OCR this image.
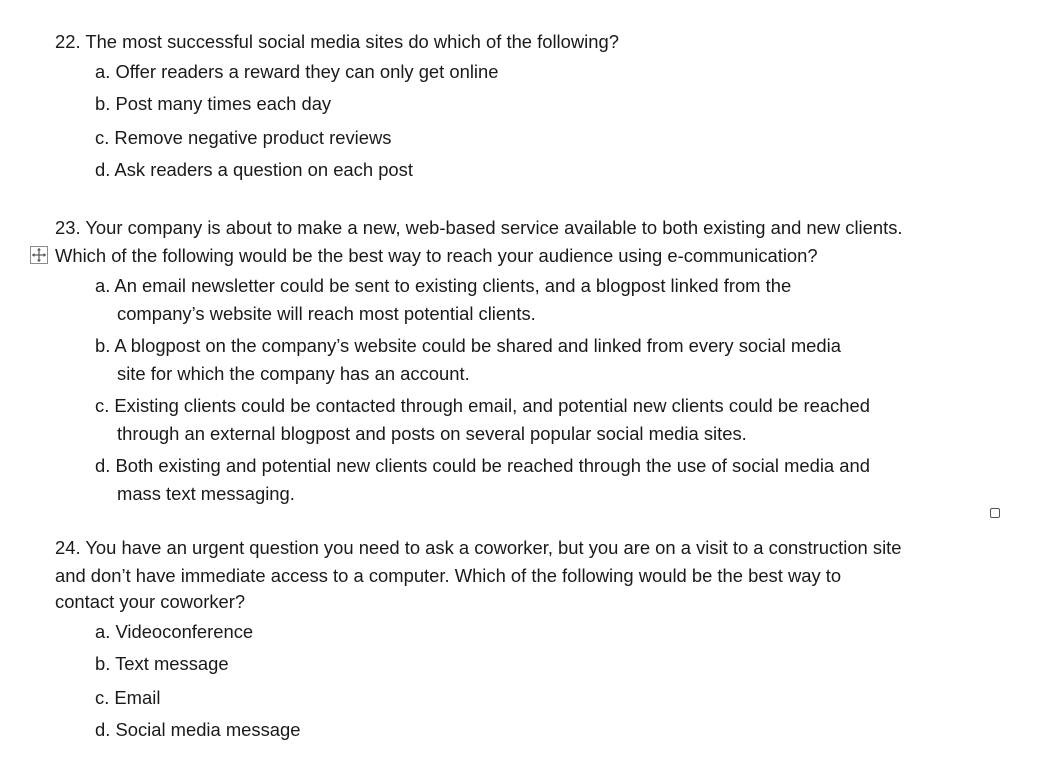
22. The most successful social media sites do which of the following?
a. Offer readers a reward they can only get online
b. Post many times each day
c. Remove negative product reviews
d. Ask readers a question on each post
23. Your company is about to make a new, web-based service available to both existing and new clients.
Which of the following would be the best way to reach your audience using e-communication?
a. An email newsletter could be sent to existing clients, and a blogpost linked from the
company’s website will reach most potential clients.
b. A blogpost on the company’s website could be shared and linked from every social media
site for which the company has an account.
c. Existing clients could be contacted through email, and potential new clients could be reached
through an external blogpost and posts on several popular social media sites.
d. Both existing and potential new clients could be reached through the use of social media and
mass text messaging.
24. You have an urgent question you need to ask a coworker, but you are on a visit to a construction site
and don’t have immediate access to a computer. Which of the following would be the best way to
contact your coworker?
a. Videoconference
b. Text message
c. Email
d. Social media message
